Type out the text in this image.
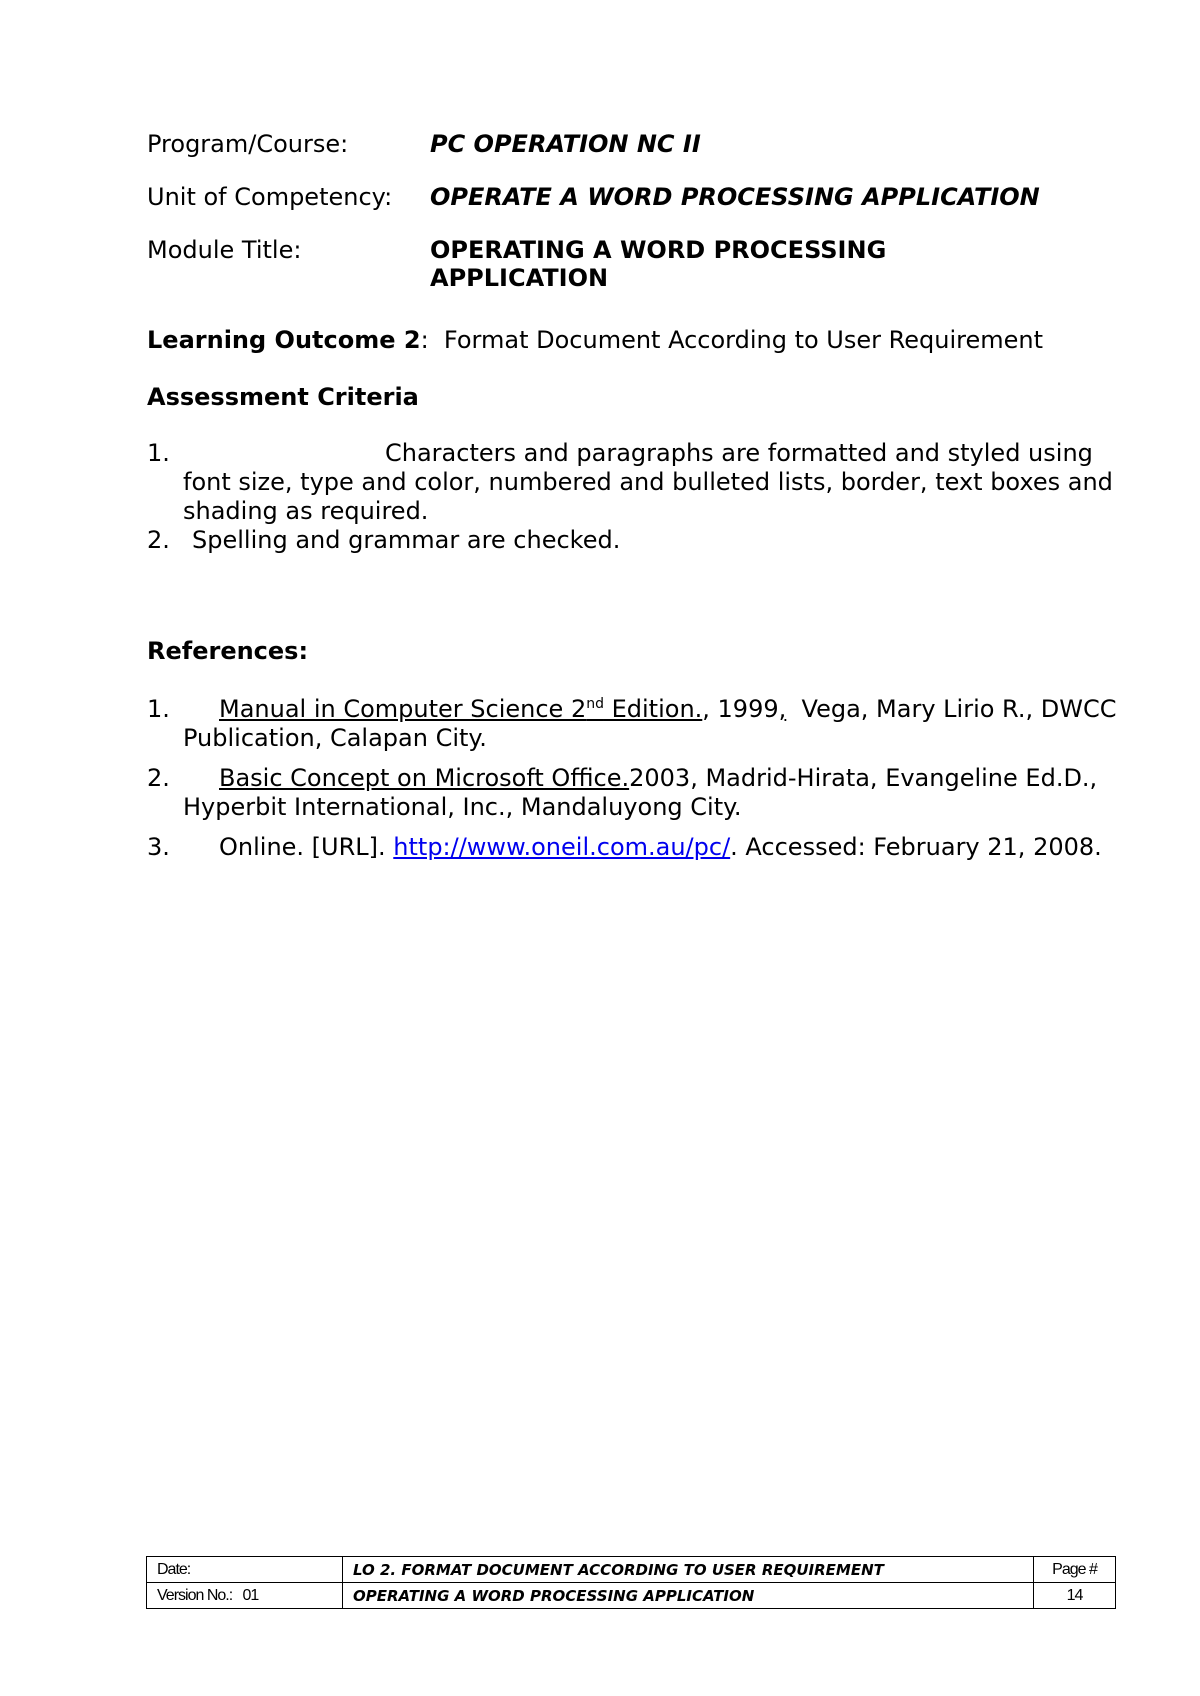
Program/Course:	PC OPERATION NC II
Unit of Competency: OPERATE A WORD PROCESSING APPLICATION
Module Title:	OPERATING A WORD PROCESSING
APPLICATION
Learning Outcome 2: Format Document According to User Requirement
Assessment Criteria
1.	Characters and paragraphs are formatted and styled using font size, type and color, numbered and bulleted lists, border, text boxes and shading as required.
2. Spelling and grammar are checked.
References:
1.	Manual in Computer Science 2nd Edition., 1999,  Vega, Mary Lirio R., DWCC Publication, Calapan City.
2.	Basic Concept on Microsoft Office.2003, Madrid-Hirata, Evangeline Ed.D., Hyperbit International, Inc., Mandaluyong City.
3.	Online. [URL]. http://www.oneil.com.au/pc/. Accessed: February 21, 2008.
Date:	LO 2. FORMAT DOCUMENT ACCORDING TO USER REQUIREMENT	Page #
Version No.: 01	OPERATING A WORD PROCESSING APPLICATION	14
